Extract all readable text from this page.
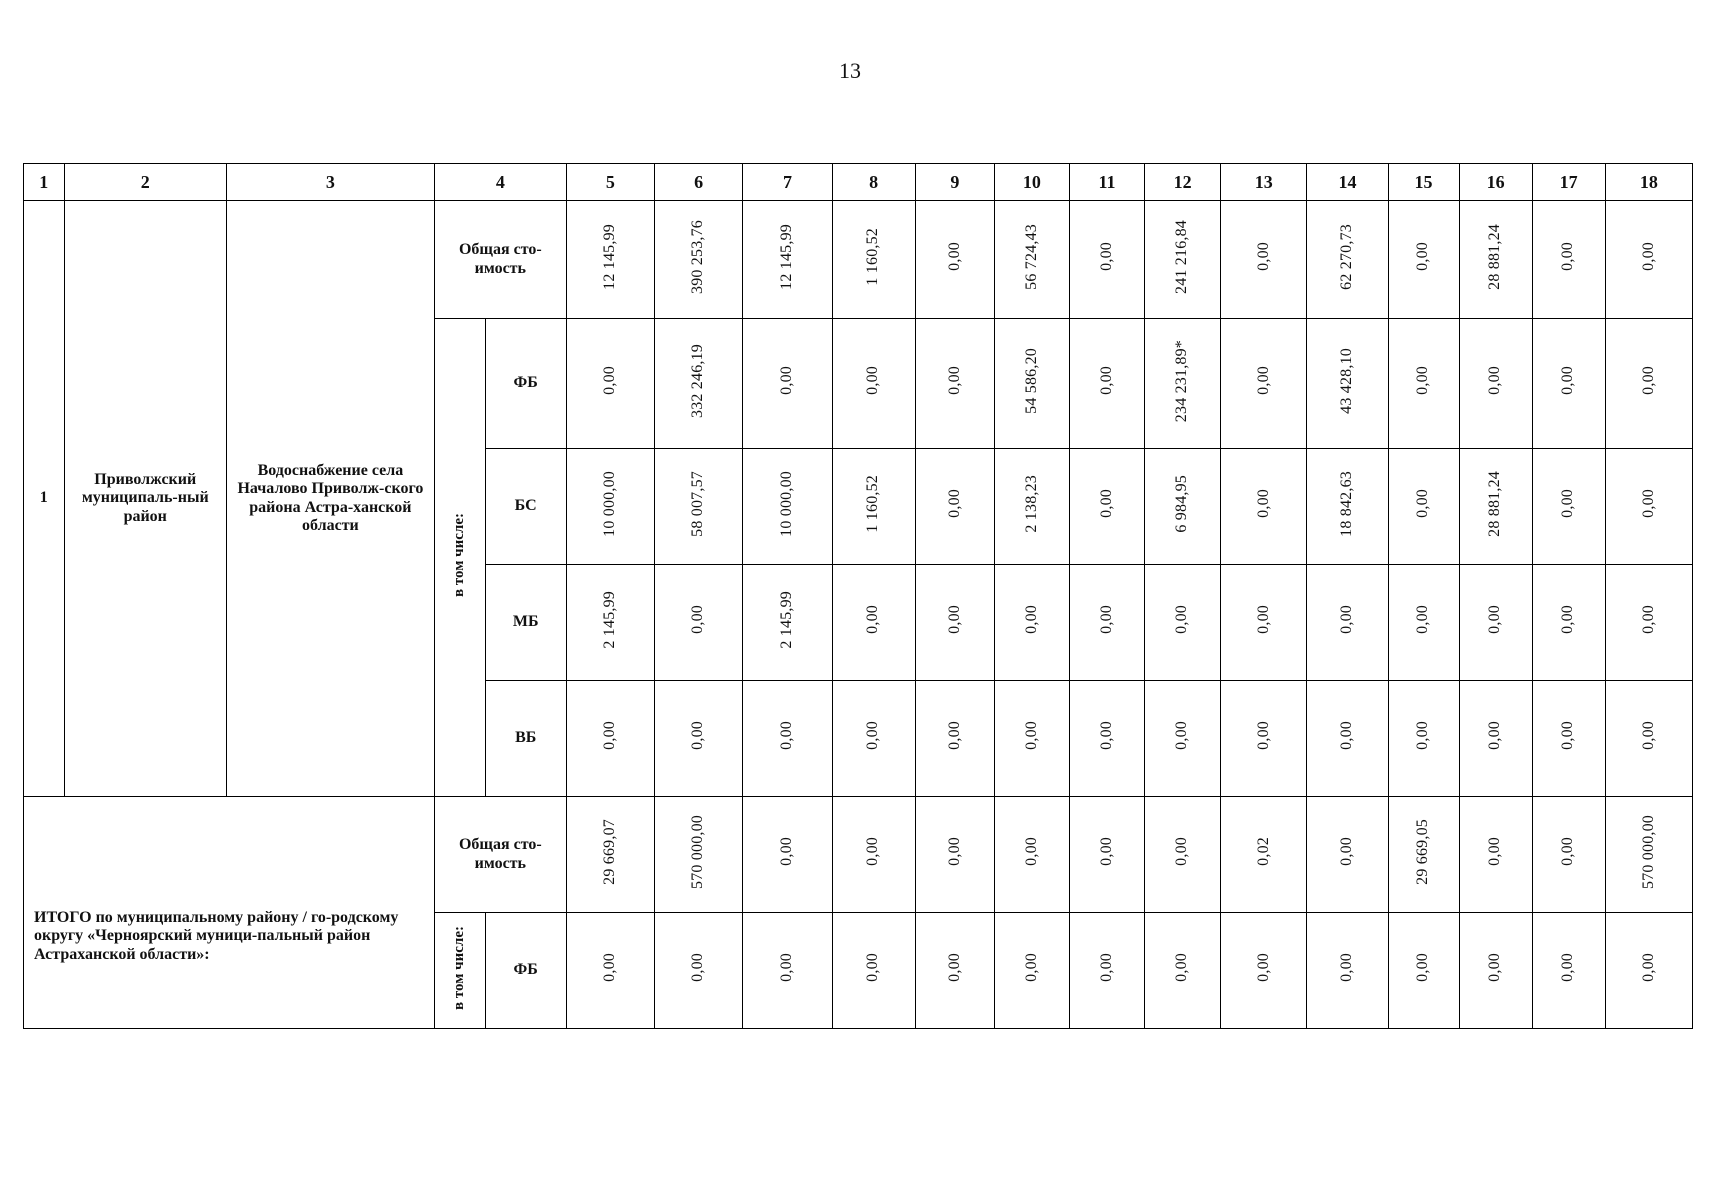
13
1	2	3	4		5	6	7	8	9	10	11	12	13	14	15	16	17	18
1	Приволжский муниципаль-ный район	Водоснабжение села Началово Приволж-ского района Астра-ханской области	Общая сто-имость		12 145,99	390 253,76	12 145,99	1 160,52	0,00	56 724,43	0,00	241 216,84	0,00	62 270,73	0,00	28 881,24	0,00	0,00
			в том числе:	ФБ	0,00	332 246,19	0,00	0,00	0,00	54 586,20	0,00	234 231,89*	0,00	43 428,10	0,00	0,00	0,00	0,00
				БС	10 000,00	58 007,57	10 000,00	1 160,52	0,00	2 138,23	0,00	6 984,95	0,00	18 842,63	0,00	28 881,24	0,00	0,00
				МБ	2 145,99	0,00	2 145,99	0,00	0,00	0,00	0,00	0,00	0,00	0,00	0,00	0,00	0,00	0,00
				ВБ	0,00	0,00	0,00	0,00	0,00	0,00	0,00	0,00	0,00	0,00	0,00	0,00	0,00	0,00

ИТОГО по муниципальному району / го-родскому округу «Черноярский муници-пальный район Астраханской области»:			Общая сто-имость		29 669,07	570 000,00	0,00	0,00	0,00	0,00	0,00	0,00	0,02	0,00	29 669,05	0,00	0,00	570 000,00
			в том числе:	ФБ	0,00	0,00	0,00	0,00	0,00	0,00	0,00	0,00	0,00	0,00	0,00	0,00	0,00	0,00
